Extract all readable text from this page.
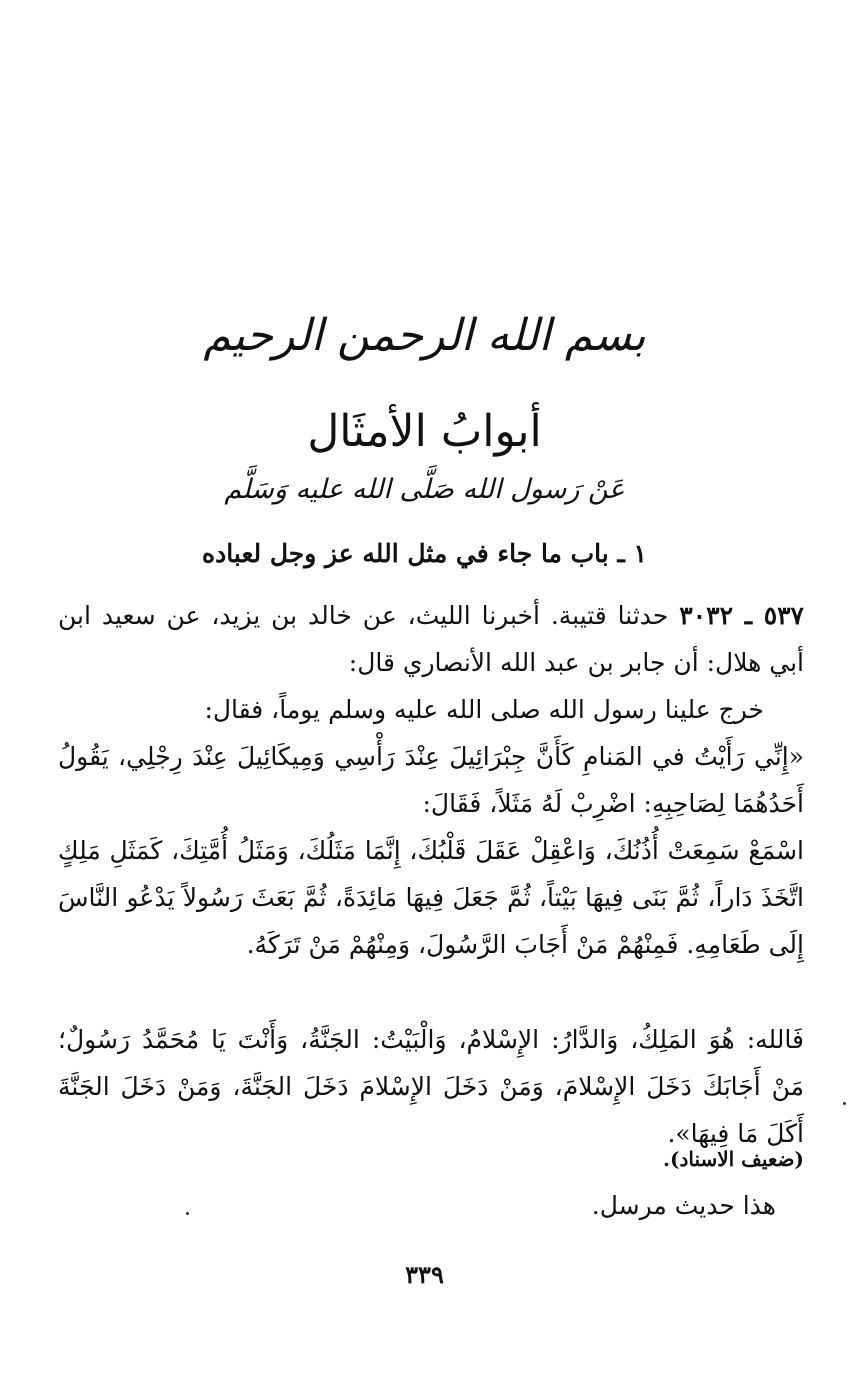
بسم الله الرحمن الرحيم
أبوابُ الأمثَال
عَنْ رَسول الله صَلَّى الله عليه وَسَلَّم
١ ـ باب ما جاء في مثل الله عز وجل لعباده
٥٣٧ ـ ٣٠٣٢ حدثنا قتيبة. أخبرنا الليث، عن خالد بن يزيد، عن سعيد ابن أبي هلال: أن جابر بن عبد الله الأنصاري قال:
خرج علينا رسول الله صلى الله عليه وسلم يوماً، فقال:
«إِنِّي رَأَيْتُ في المَنامِ كَأَنَّ جِبْرَائِيلَ عِنْدَ رَأْسِي وَمِيكَائِيلَ عِنْدَ رِجْلِي، يَقُولُ أَحَدُهُمَا لِصَاحِبِهِ: اضْرِبْ لَهُ مَثَلاً، فَقَالَ:
اسْمَعْ سَمِعَتْ أُذُنُكَ، وَاعْقِلْ عَقَلَ قَلْبُكَ، إِنَّمَا مَثَلُكَ، وَمَثَلُ أُمَّتِكَ، كَمَثَلِ مَلِكٍ اتَّخَذَ دَاراً، ثُمَّ بَنَى فِيهَا بَيْتاً، ثُمَّ جَعَلَ فِيهَا مَائِدَةً، ثُمَّ بَعَثَ رَسُولاً يَدْعُو النَّاسَ إِلَى طَعَامِهِ. فَمِنْهُمْ مَنْ أَجَابَ الرَّسُولَ، وَمِنْهُمْ مَنْ تَرَكَهُ.
فَالله: هُوَ المَلِكُ، وَالدَّارُ: الإِسْلامُ، وَالْبَيْتُ: الجَنَّةُ، وَأَنْتَ يَا مُحَمَّدُ رَسُولٌ؛ مَنْ أَجَابَكَ دَخَلَ الإِسْلامَ، وَمَنْ دَخَلَ الإِسْلامَ دَخَلَ الجَنَّةَ، وَمَنْ دَخَلَ الجَنَّةَ أَكَلَ مَا فِيهَا».
(ضعيف الاسناد).
هذا حديث مرسل.
٣٣٩
